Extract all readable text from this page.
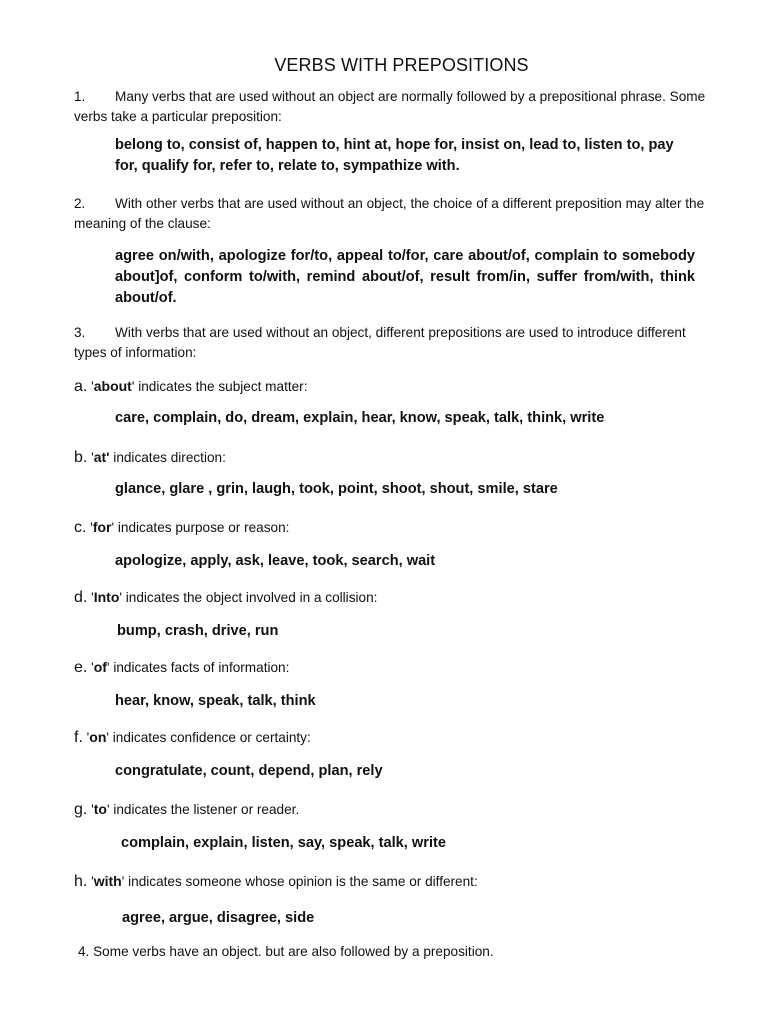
VERBS WITH PREPOSITIONS
1. Many verbs that are used without an object are normally followed by a prepositional phrase. Some
verbs take a particular preposition:
belong to, consist of, happen to, hint at, hope for, insist on, lead to, listen to, pay
for, qualify for, refer to, relate to, sympathize with.
2. With other verbs that are used without an object, the choice of a different preposition may alter the
meaning of the clause:
agree on/with, apologize for/to, appeal to/for, care about/of, complain to somebody about]of, conform to/with, remind about/of, result from/in, suffer from/with, think about/of.
3. With verbs that are used without an object, different prepositions are used to introduce different
types of information:
a. 'about' indicates the subject matter:
care, complain, do, dream, explain, hear, know, speak, talk, think, write
b. 'at' indicates direction:
glance, glare , grin, laugh, took, point, shoot, shout, smile, stare
c. 'for' indicates purpose or reason:
apologize, apply, ask, leave, took, search, wait
d. 'Into' indicates the object involved in a collision:
bump, crash, drive, run
e. 'of' indicates facts of information:
hear, know, speak, talk, think
f. 'on' indicates confidence or certainty:
congratulate, count, depend, plan, rely
g. 'to' indicates the listener or reader.
complain, explain, listen, say, speak, talk, write
h. 'with' indicates someone whose opinion is the same or different:
agree, argue, disagree, side
4. Some verbs have an object. but are also followed by a preposition.
